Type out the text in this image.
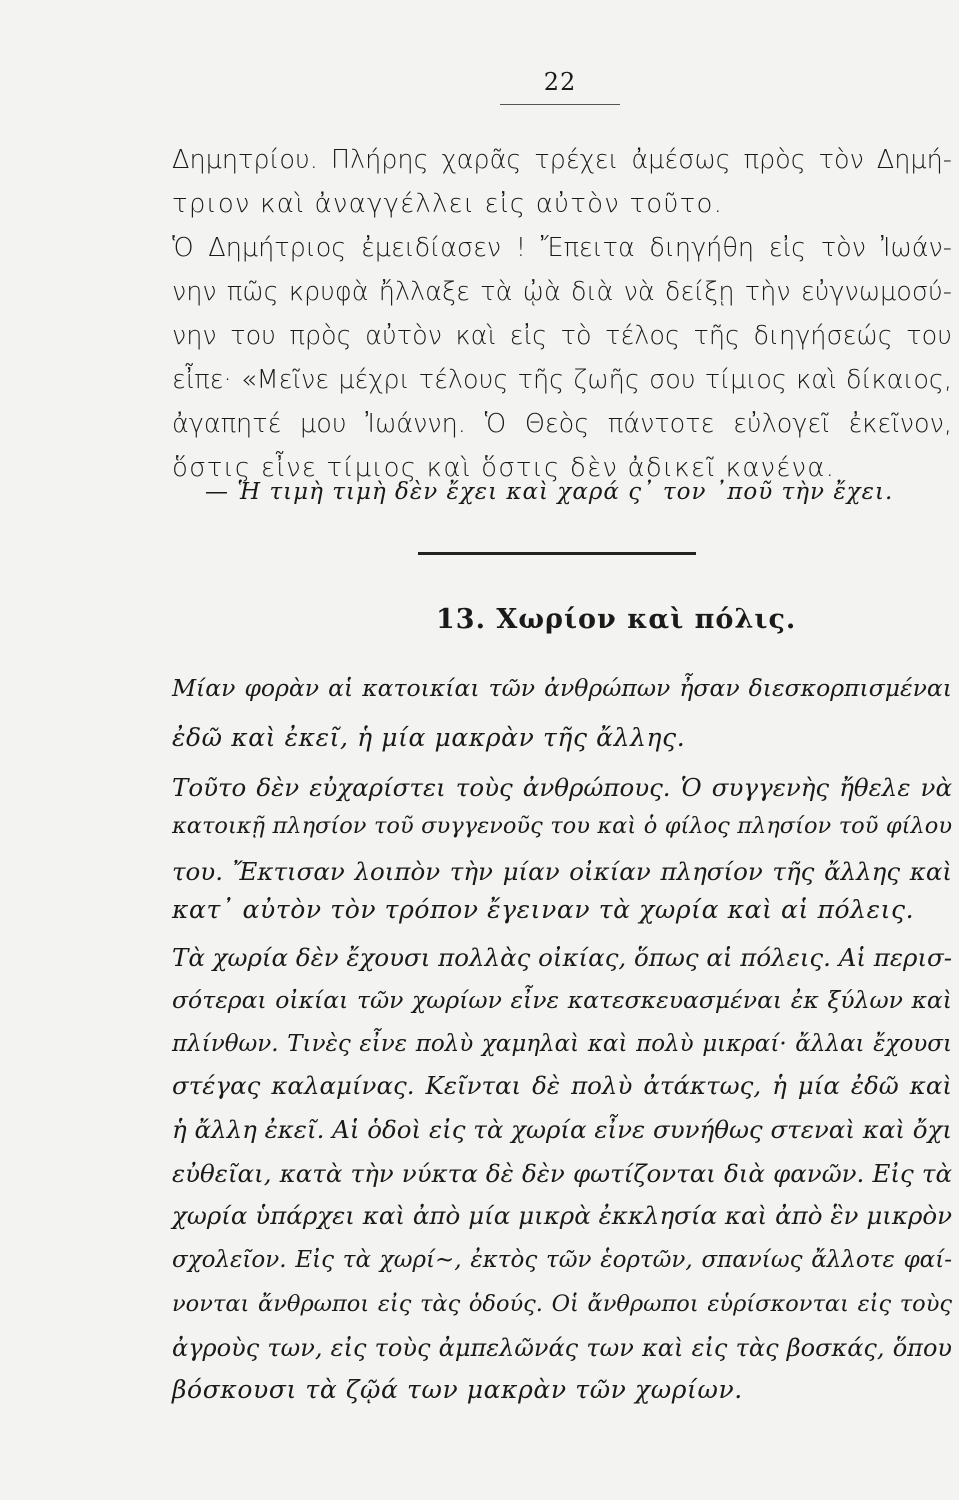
22
Δημητρίου. Πλήρης χαρᾶς τρέχει ἀμέσως πρὸς τὸν Δημή-
τριον καὶ ἀναγγέλλει εἰς αὐτὸν τοῦτο.
Ὁ Δημήτριος ἐμειδίασεν ! Ἔπειτα διηγήθη εἰς τὸν Ἰωάν-
νην πῶς κρυφὰ ἤλλαξε τὰ ᾠὰ διὰ νὰ δείξῃ τὴν εὐγνωμοσύ-
νην του πρὸς αὐτὸν καὶ εἰς τὸ τέλος τῆς διηγήσεώς του
εἶπε· «Μεῖνε μέχρι τέλους τῆς ζωῆς σου τίμιος καὶ δίκαιος,
ἀγαπητέ μου Ἰωάννη. Ὁ Θεὸς πάντοτε εὐλογεῖ ἐκεῖνον,
ὅστις εἶνε τίμιος καὶ ὅστις δὲν ἀδικεῖ κανένα.
— Ἡ τιμὴ τιμὴ δὲν ἔχει καὶ χαρά ς᾿ τον ᾿ποῦ τὴν ἔχει.
13. Χωρίον καὶ πόλις.
Μίαν φορὰν αἱ κατοικίαι τῶν ἀνθρώπων ἦσαν διεσκορπισμέναι
ἐδῶ καὶ ἐκεῖ, ἡ μία μακρὰν τῆς ἄλλης.
Τοῦτο δὲν εὐχαρίστει τοὺς ἀνθρώπους. Ὁ συγγενὴς ἤθελε νὰ
κατοικῇ πλησίον τοῦ συγγενοῦς του καὶ ὁ φίλος πλησίον τοῦ φίλου
του. Ἔκτισαν λοιπὸν τὴν μίαν οἰκίαν πλησίον τῆς ἄλλης καὶ
κατ᾿ αὐτὸν τὸν τρόπον ἔγειναν τὰ χωρία καὶ αἱ πόλεις.
Τὰ χωρία δὲν ἔχουσι πολλὰς οἰκίας, ὅπως αἱ πόλεις. Αἱ περισ-
σότεραι οἰκίαι τῶν χωρίων εἶνε κατεσκευασμέναι ἐκ ξύλων καὶ
πλίνθων. Τινὲς εἶνε πολὺ χαμηλαὶ καὶ πολὺ μικραί· ἄλλαι ἔχουσι
στέγας καλαμίνας. Κεῖνται δὲ πολὺ ἀτάκτως, ἡ μία ἐδῶ καὶ
ἡ ἄλλη ἐκεῖ. Αἱ ὁδοὶ εἰς τὰ χωρία εἶνε συνήθως στεναὶ καὶ ὄχι
εὐθεῖαι, κατὰ τὴν νύκτα δὲ δὲν φωτίζονται διὰ φανῶν. Εἰς τὰ
χωρία ὑπάρχει καὶ ἀπὸ μία μικρὰ ἐκκλησία καὶ ἀπὸ ἓν μικρὸν
σχολεῖον. Εἰς τὰ χωρί~, ἐκτὸς τῶν ἑορτῶν, σπανίως ἄλλοτε φαί-
νονται ἄνθρωποι εἰς τὰς ὁδούς. Οἱ ἄνθρωποι εὑρίσκονται εἰς τοὺς
ἀγροὺς των, εἰς τοὺς ἀμπελῶνάς των καὶ εἰς τὰς βοσκάς, ὅπου
βόσκουσι τὰ ζῷά των μακρὰν τῶν χωρίων.
